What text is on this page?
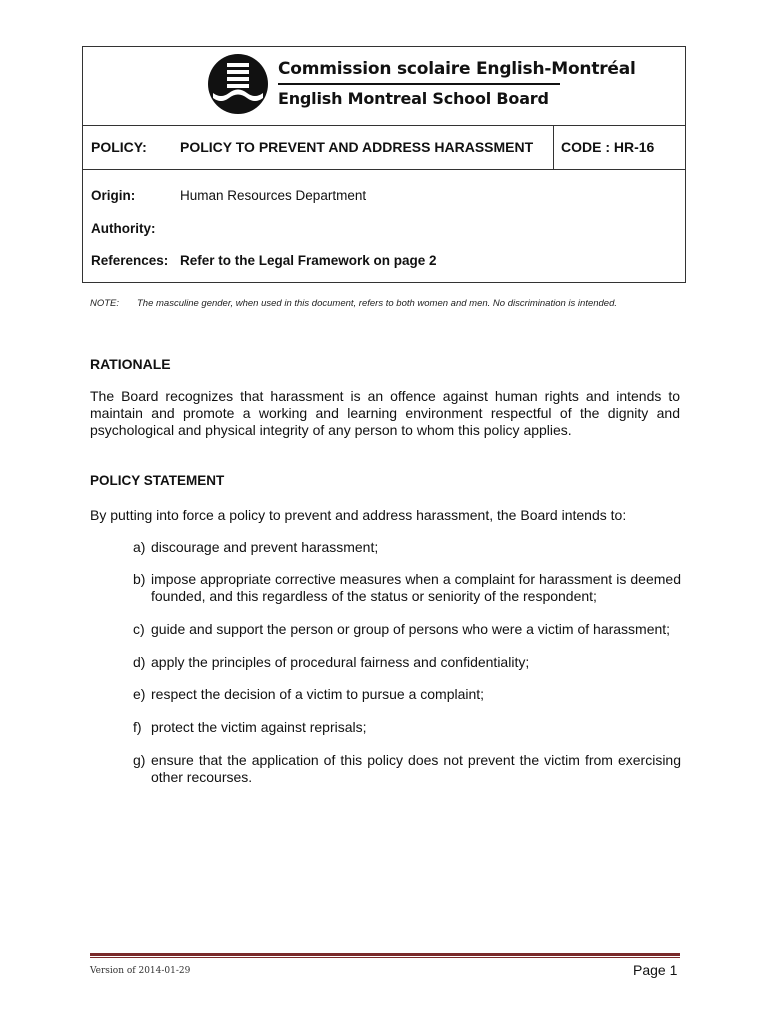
Commission scolaire English-Montréal
English Montreal School Board
POLICY: POLICY TO PREVENT AND ADDRESS HARASSMENT CODE : HR-16
Origin:	Human Resources Department
Authority:
References: Refer to the Legal Framework on page 2
NOTE: The masculine gender, when used in this document, refers to both women and men. No discrimination is intended.
RATIONALE
The Board recognizes that harassment is an offence against human rights and intends to maintain and promote a working and learning environment respectful of the dignity and psychological and physical integrity of any person to whom this policy applies.
POLICY STATEMENT
By putting into force a policy to prevent and address harassment, the Board intends to:
a) discourage and prevent harassment;
b) impose appropriate corrective measures when a complaint for harassment is deemed founded, and this regardless of the status or seniority of the respondent;
c) guide and support the person or group of persons who were a victim of harassment;
d) apply the principles of procedural fairness and confidentiality;
e) respect the decision of a victim to pursue a complaint;
f) protect the victim against reprisals;
g) ensure that the application of this policy does not prevent the victim from exercising other recourses.
Version of 2014-01-29	Page 1
